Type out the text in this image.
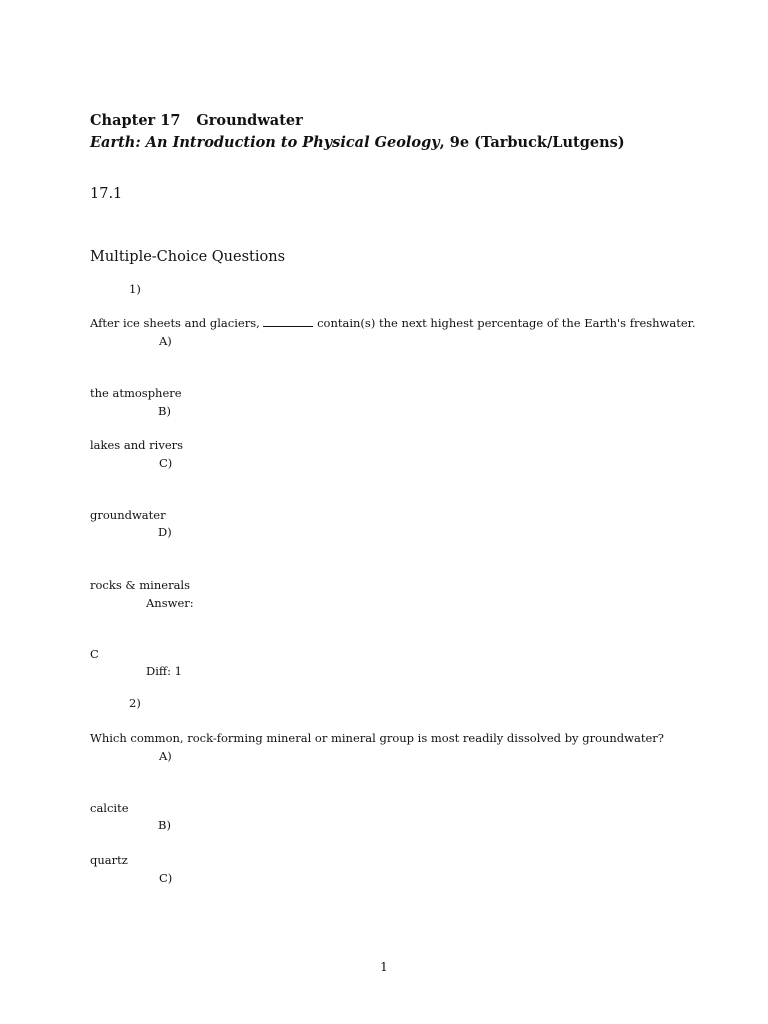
Chapter 17 Groundwater
Earth: An Introduction to Physical Geology, 9e (Tarbuck/Lutgens)
17.1
Multiple-Choice Questions
1)
After ice sheets and glaciers,	contain(s) the next highest percentage of the Earth's freshwater.
A)
the atmosphere
B)
lakes and rivers
C)
groundwater
D)
rocks & minerals
Answer:
C
Diff: 1
2)
Which common, rock-forming mineral or mineral group is most readily dissolved by groundwater?
A)
calcite
B)
quartz
C)
1
